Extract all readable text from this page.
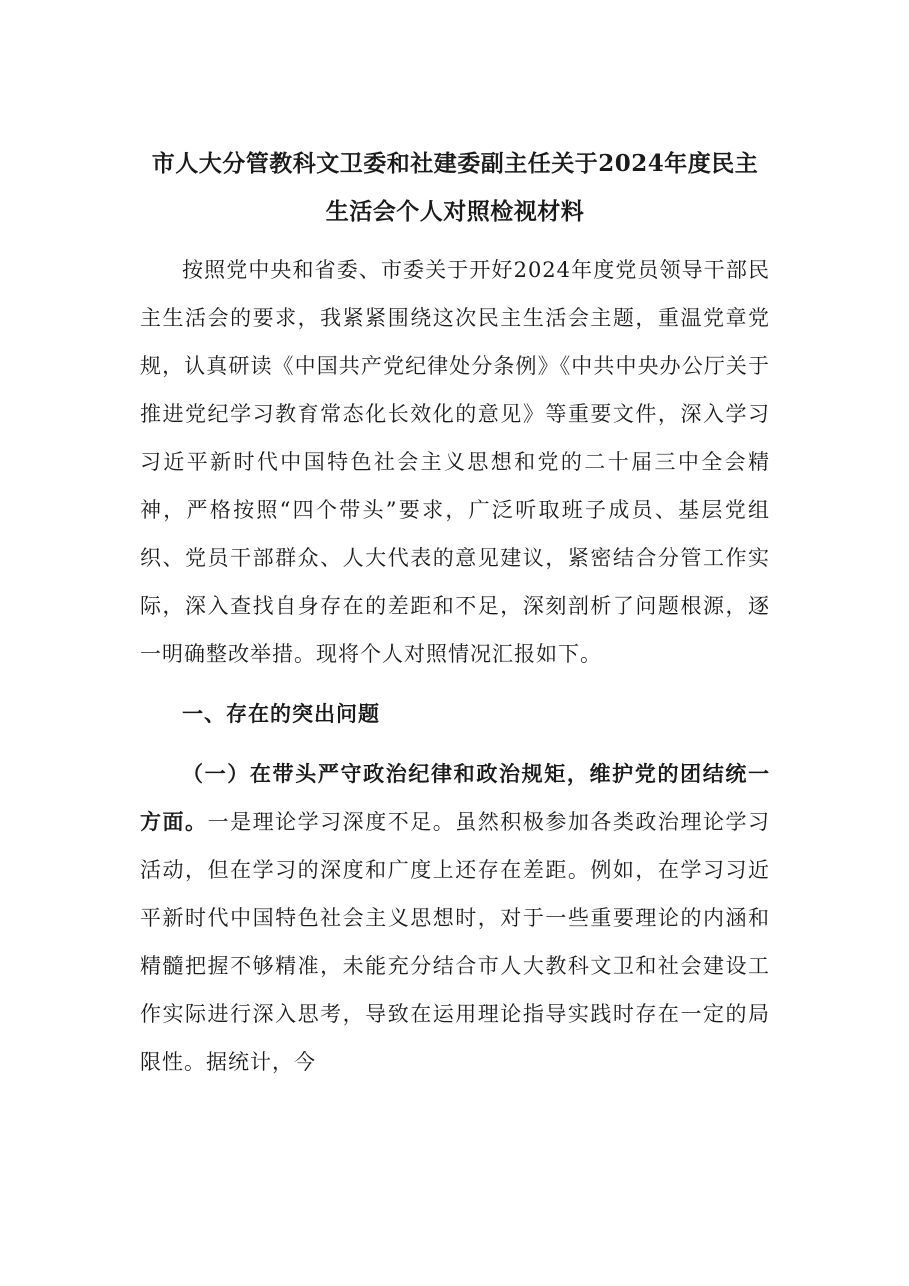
市人大分管教科文卫委和社建委副主任关于2024年度民主
生活会个人对照检视材料

按照党中央和省委、市委关于开好2024年度党员领导干部民主生活会的要求，我紧紧围绕这次民主生活会主题，重温党章党规，认真研读《中国共产党纪律处分条例》《中共中央办公厅关于推进党纪学习教育常态化长效化的意见》等重要文件，深入学习习近平新时代中国特色社会主义思想和党的二十届三中全会精神，严格按照“四个带头”要求，广泛听取班子成员、基层党组织、党员干部群众、人大代表的意见建议，紧密结合分管工作实际，深入查找自身存在的差距和不足，深刻剖析了问题根源，逐一明确整改举措。现将个人对照情况汇报如下。

一、存在的突出问题

（一）在带头严守政治纪律和政治规矩，维护党的团结统一方面。一是理论学习深度不足。虽然积极参加各类政治理论学习活动，但在学习的深度和广度上还存在差距。例如，在学习习近平新时代中国特色社会主义思想时，对于一些重要理论的内涵和精髓把握不够精准，未能充分结合市人大教科文卫和社会建设工作实际进行深入思考，导致在运用理论指导实践时存在一定的局限性。据统计，今
